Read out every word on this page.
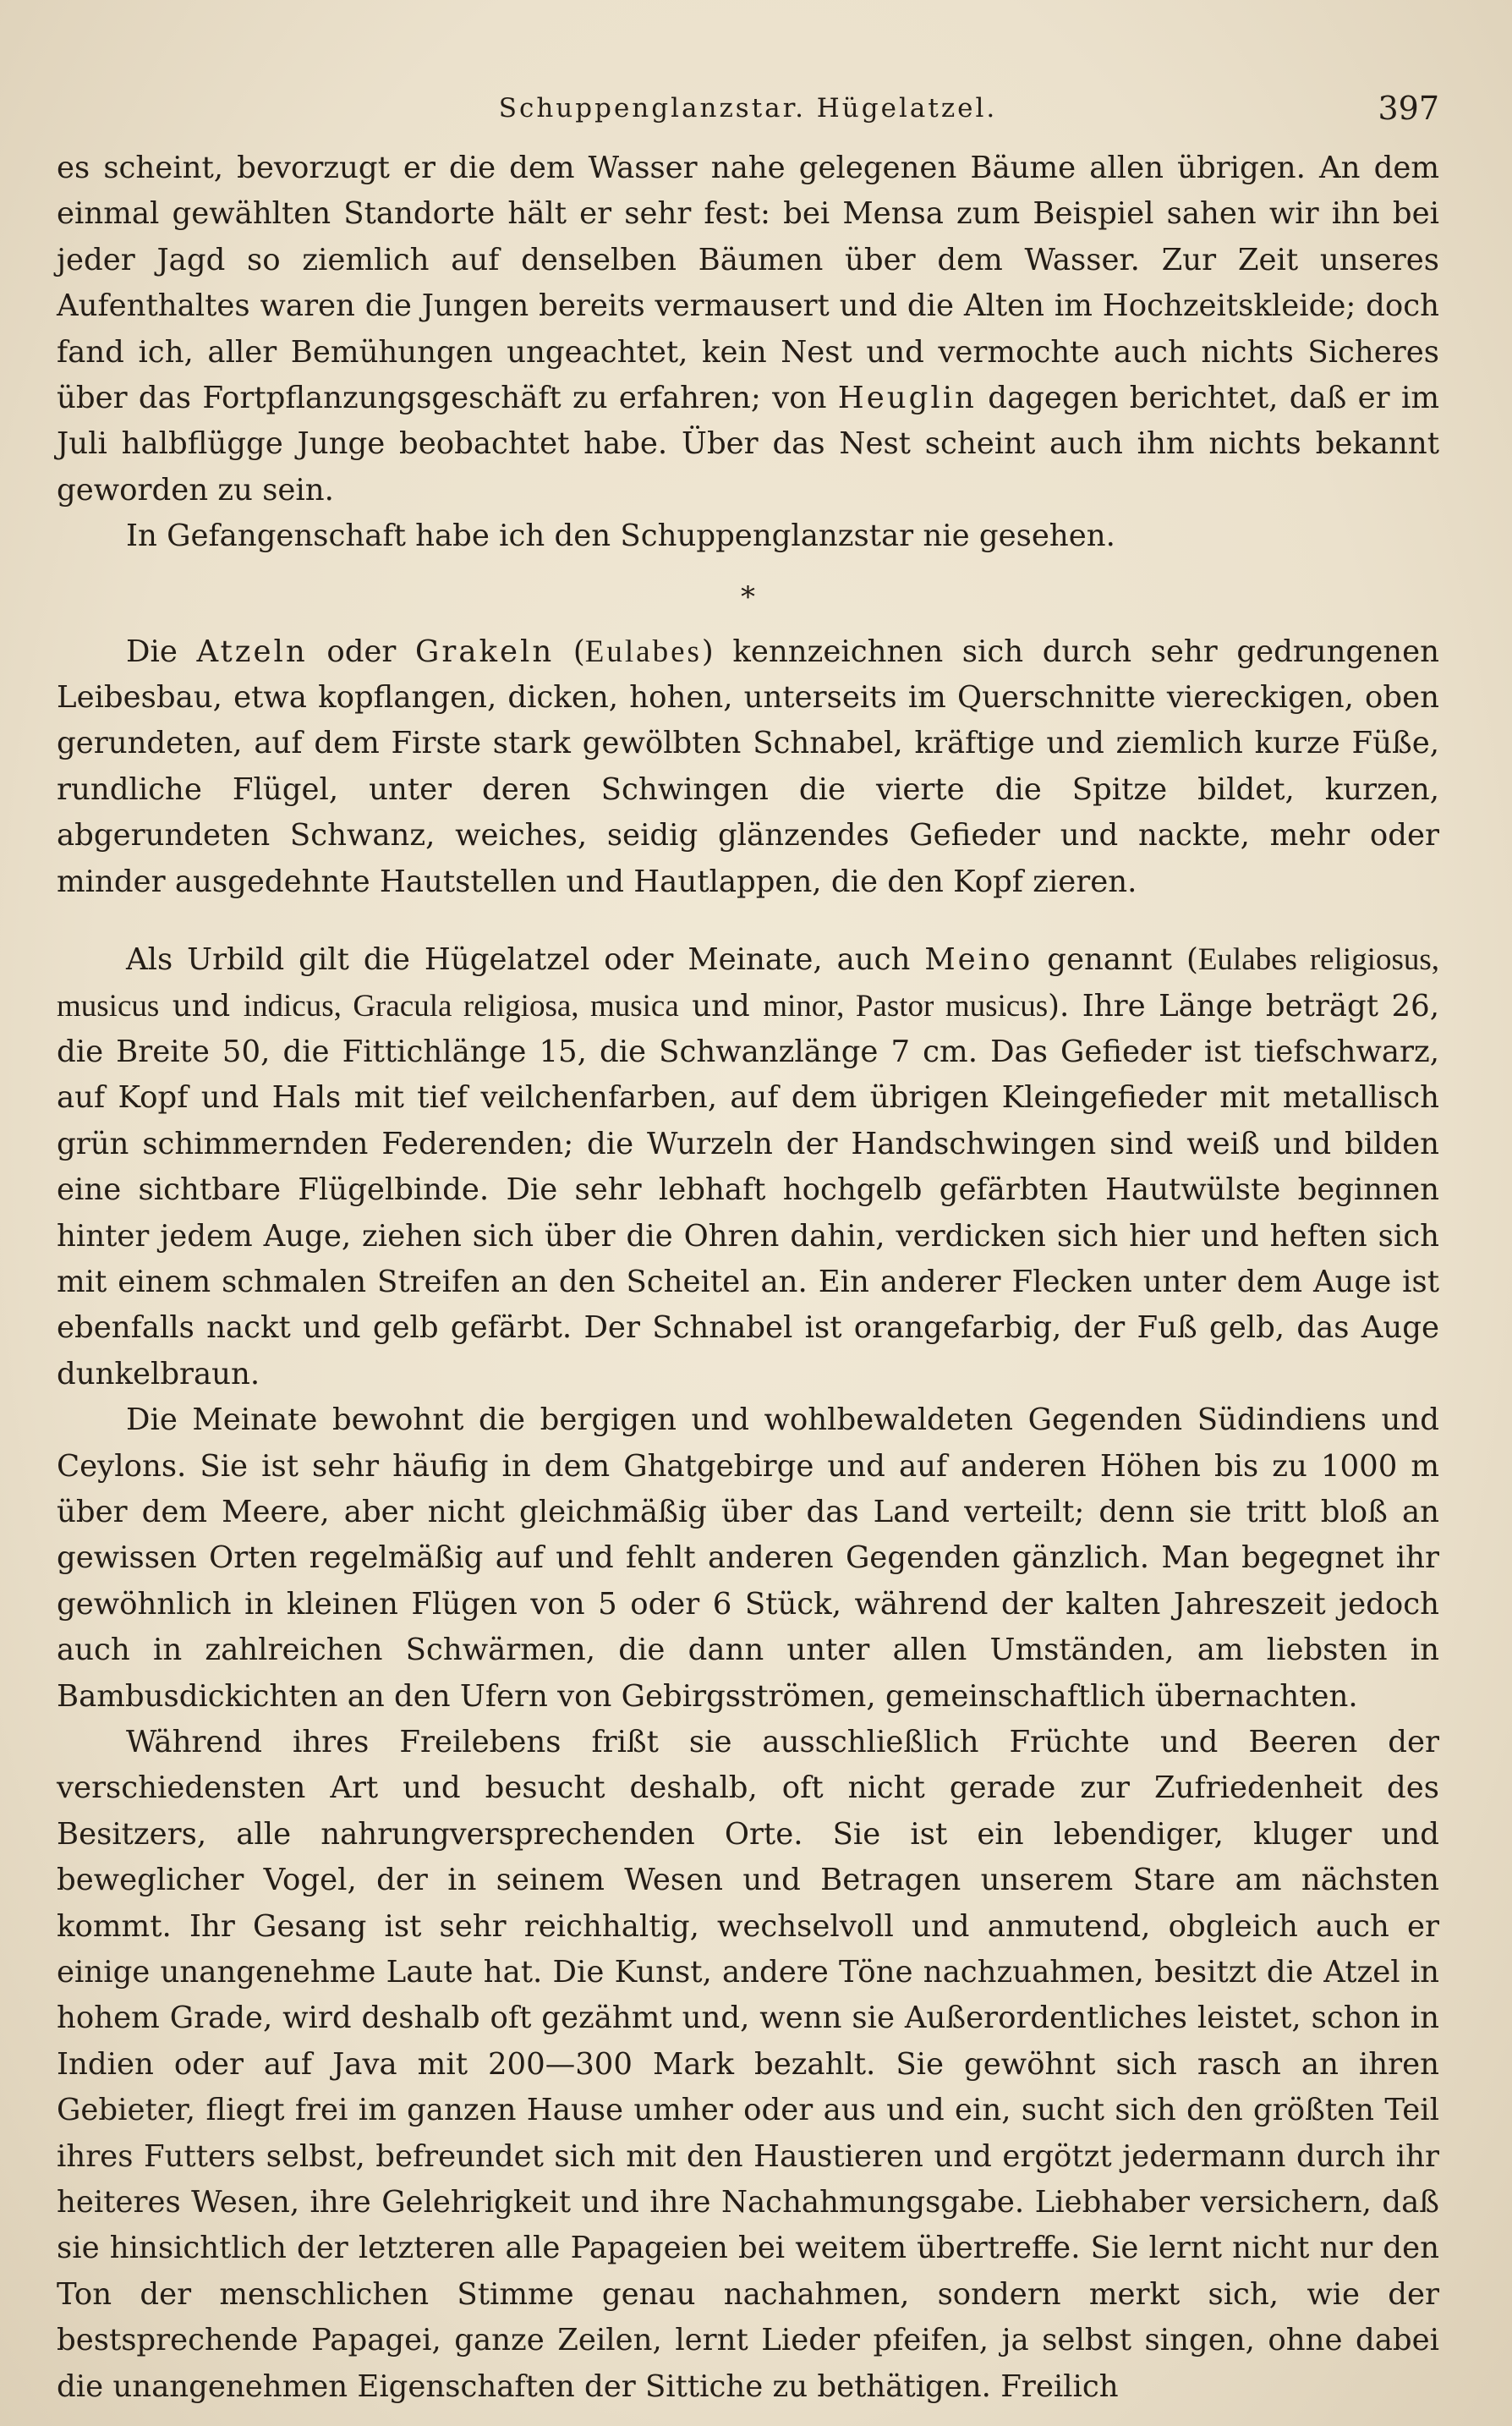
Schuppenglanzstar. Hügelatzel.	397

es scheint, bevorzugt er die dem Wasser nahe gelegenen Bäume allen übrigen. An dem einmal gewählten Standorte hält er sehr fest: bei Mensa zum Beispiel sahen wir ihn bei jeder Jagd so ziemlich auf denselben Bäumen über dem Wasser. Zur Zeit unseres Aufenthaltes waren die Jungen bereits vermausert und die Alten im Hochzeitskleide; doch fand ich, aller Bemühungen ungeachtet, kein Nest und vermochte auch nichts Sicheres über das Fortpflanzungsgeschäft zu erfahren; von Heuglin dagegen berichtet, daß er im Juli halbflügge Junge beobachtet habe. Über das Nest scheint auch ihm nichts bekannt geworden zu sein.

In Gefangenschaft habe ich den Schuppenglanzstar nie gesehen.

*

Die Atzeln oder Grakeln (Eulabes) kennzeichnen sich durch sehr gedrungenen Leibesbau, etwa kopflangen, dicken, hohen, unterseits im Querschnitte viereckigen, oben gerundeten, auf dem Firste stark gewölbten Schnabel, kräftige und ziemlich kurze Füße, rundliche Flügel, unter deren Schwingen die vierte die Spitze bildet, kurzen, abgerundeten Schwanz, weiches, seidig glänzendes Gefieder und nackte, mehr oder minder ausgedehnte Hautstellen und Hautlappen, die den Kopf zieren.

Als Urbild gilt die Hügelatzel oder Meinate, auch Meino genannt (Eulabes religiosus, musicus und indicus, Gracula religiosa, musica und minor, Pastor musicus). Ihre Länge beträgt 26, die Breite 50, die Fittichlänge 15, die Schwanzlänge 7 cm. Das Gefieder ist tiefschwarz, auf Kopf und Hals mit tief veilchenfarben, auf dem übrigen Kleingefieder mit metallisch grün schimmernden Federenden; die Wurzeln der Handschwingen sind weiß und bilden eine sichtbare Flügelbinde. Die sehr lebhaft hochgelb gefärbten Hautwülste beginnen hinter jedem Auge, ziehen sich über die Ohren dahin, verdicken sich hier und heften sich mit einem schmalen Streifen an den Scheitel an. Ein anderer Flecken unter dem Auge ist ebenfalls nackt und gelb gefärbt. Der Schnabel ist orangefarbig, der Fuß gelb, das Auge dunkelbraun.

Die Meinate bewohnt die bergigen und wohlbewaldeten Gegenden Südindiens und Ceylons. Sie ist sehr häufig in dem Ghatgebirge und auf anderen Höhen bis zu 1000 m über dem Meere, aber nicht gleichmäßig über das Land verteilt; denn sie tritt bloß an gewissen Orten regelmäßig auf und fehlt anderen Gegenden gänzlich. Man begegnet ihr gewöhnlich in kleinen Flügen von 5 oder 6 Stück, während der kalten Jahreszeit jedoch auch in zahlreichen Schwärmen, die dann unter allen Umständen, am liebsten in Bambusdickichten an den Ufern von Gebirgsströmen, gemeinschaftlich übernachten.

Während ihres Freilebens frißt sie ausschließlich Früchte und Beeren der verschiedensten Art und besucht deshalb, oft nicht gerade zur Zufriedenheit des Besitzers, alle nahrungversprechenden Orte. Sie ist ein lebendiger, kluger und beweglicher Vogel, der in seinem Wesen und Betragen unserem Stare am nächsten kommt. Ihr Gesang ist sehr reichhaltig, wechselvoll und anmutend, obgleich auch er einige unangenehme Laute hat. Die Kunst, andere Töne nachzuahmen, besitzt die Atzel in hohem Grade, wird deshalb oft gezähmt und, wenn sie Außerordentliches leistet, schon in Indien oder auf Java mit 200—300 Mark bezahlt. Sie gewöhnt sich rasch an ihren Gebieter, fliegt frei im ganzen Hause umher oder aus und ein, sucht sich den größten Teil ihres Futters selbst, befreundet sich mit den Haustieren und ergötzt jedermann durch ihr heiteres Wesen, ihre Gelehrigkeit und ihre Nachahmungsgabe. Liebhaber versichern, daß sie hinsichtlich der letzteren alle Papageien bei weitem übertreffe. Sie lernt nicht nur den Ton der menschlichen Stimme genau nachahmen, sondern merkt sich, wie der bestsprechende Papagei, ganze Zeilen, lernt Lieder pfeifen, ja selbst singen, ohne dabei die unangenehmen Eigenschaften der Sittiche zu bethätigen. Freilich
